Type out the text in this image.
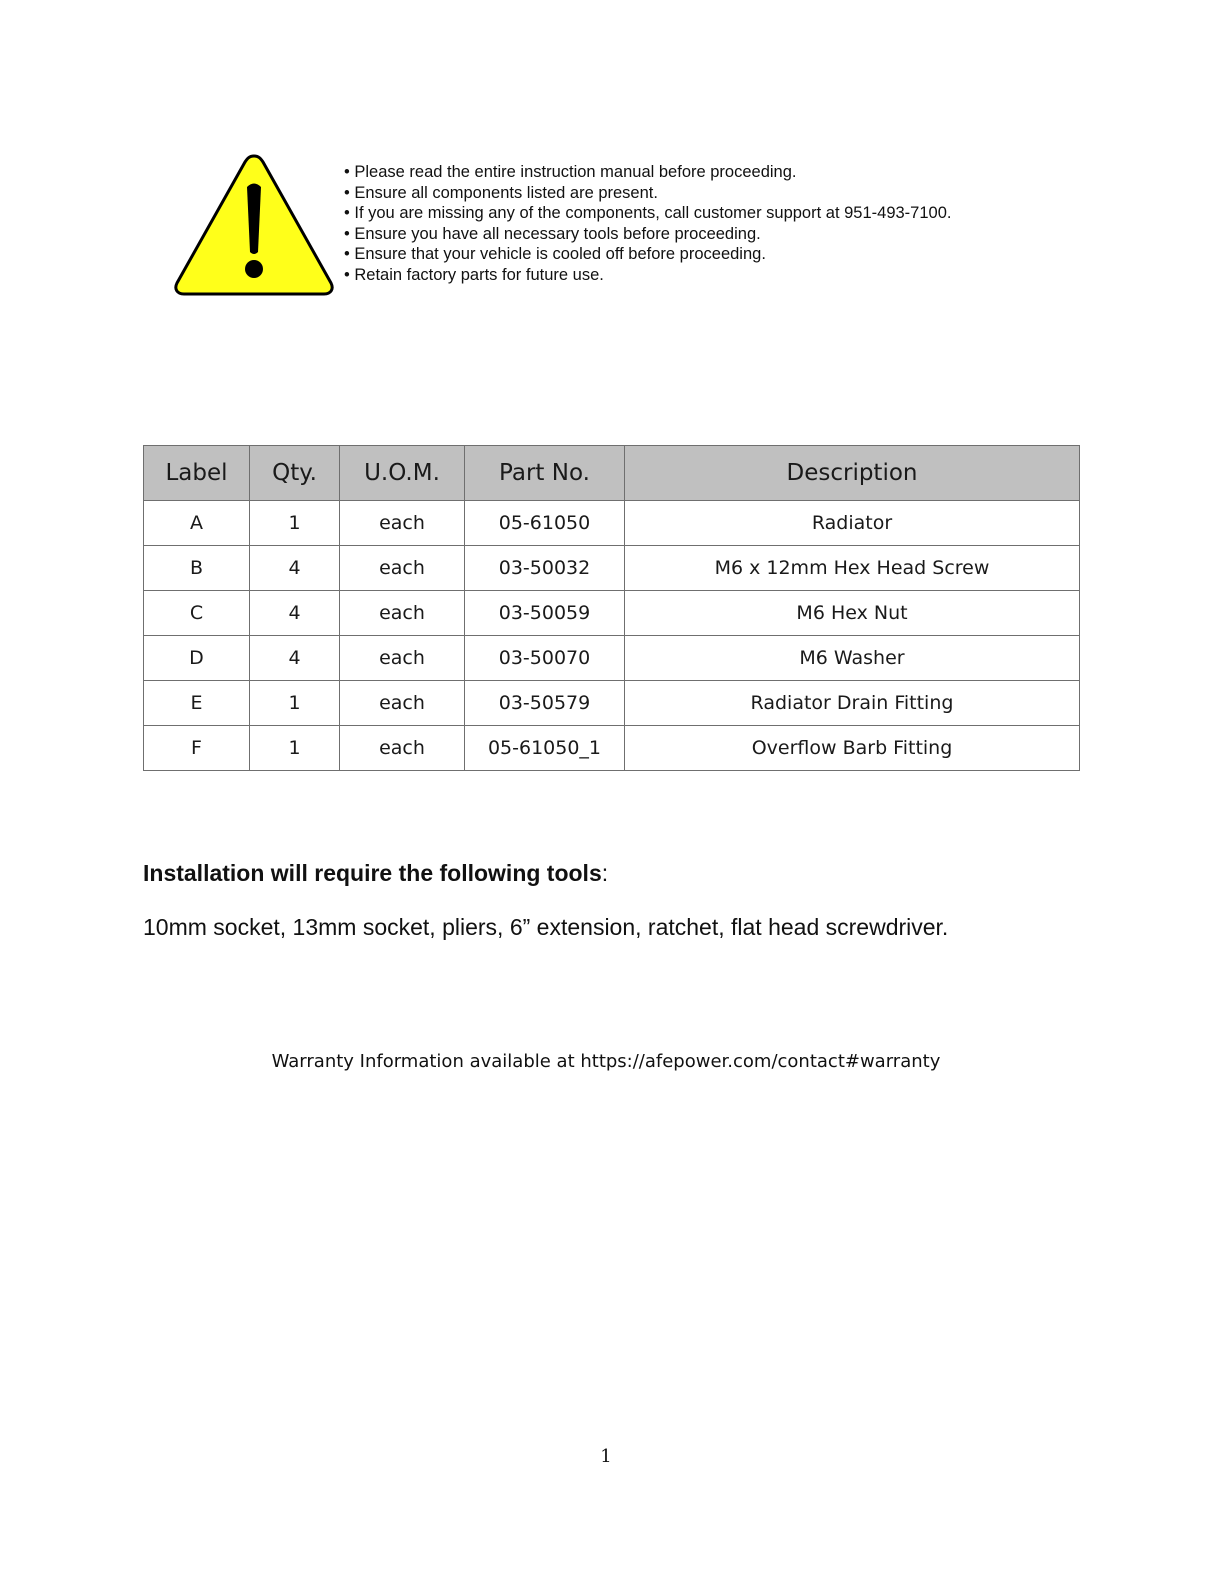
• Please read the entire instruction manual before proceeding.
• Ensure all components listed are present.
• If you are missing any of the components, call customer support at 951-493-7100.
• Ensure you have all necessary tools before proceeding.
• Ensure that your vehicle is cooled off before proceeding.
• Retain factory parts for future use.
Label	Qty.	U.O.M.	Part No.	Description
A	1	each	05-61050	Radiator
B	4	each	03-50032	M6 x 12mm Hex Head Screw
C	4	each	03-50059	M6 Hex Nut
D	4	each	03-50070	M6 Washer
E	1	each	03-50579	Radiator Drain Fitting
F	1	each	05-61050_1	Overflow Barb Fitting

Installation will require the following tools:

10mm socket, 13mm socket, pliers, 6” extension, ratchet, flat head screwdriver.

Warranty Information available at https://afepower.com/contact#warranty

1
